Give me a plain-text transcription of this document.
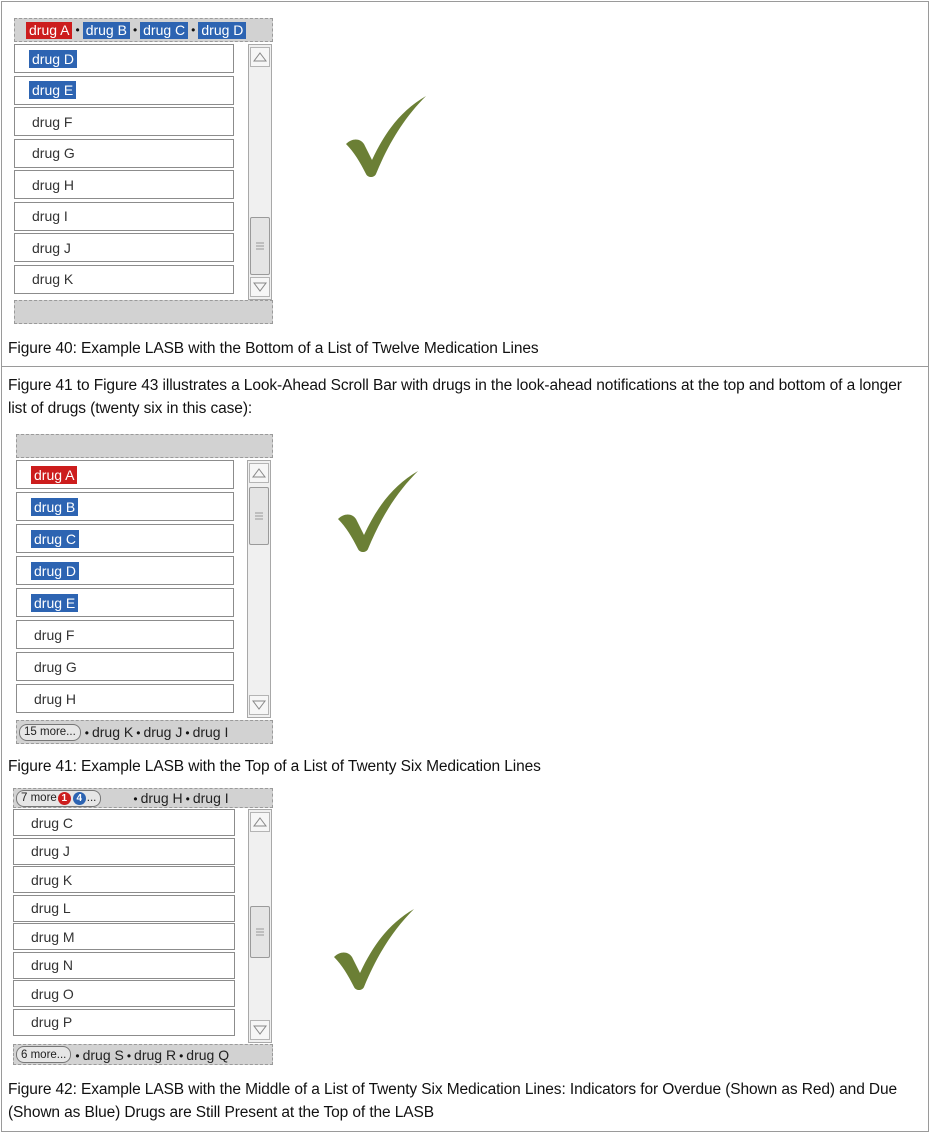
drug A • drug B • drug C • drug D
drug D
drug E
drug F
drug G
drug H
drug I
drug J
drug K
Figure 40: Example LASB with the Bottom of a List of Twelve Medication Lines
Figure 41 to Figure 43 illustrates a Look-Ahead Scroll Bar with drugs in the look-ahead notifications at the top and bottom of a longer list of drugs (twenty six in this case):
drug A
drug B
drug C
drug D
drug E
drug F
drug G
drug H
15 more... • drug K • drug J • drug I
Figure 41: Example LASB with the Top of a List of Twenty Six Medication Lines
7 more 1 4 ...	• drug H • drug I
drug C
drug J
drug K
drug L
drug M
drug N
drug O
drug P
6 more... • drug S • drug R • drug Q
Figure 42: Example LASB with the Middle of a List of Twenty Six Medication Lines: Indicators for Overdue (Shown as Red) and Due
(Shown as Blue) Drugs are Still Present at the Top of the LASB
